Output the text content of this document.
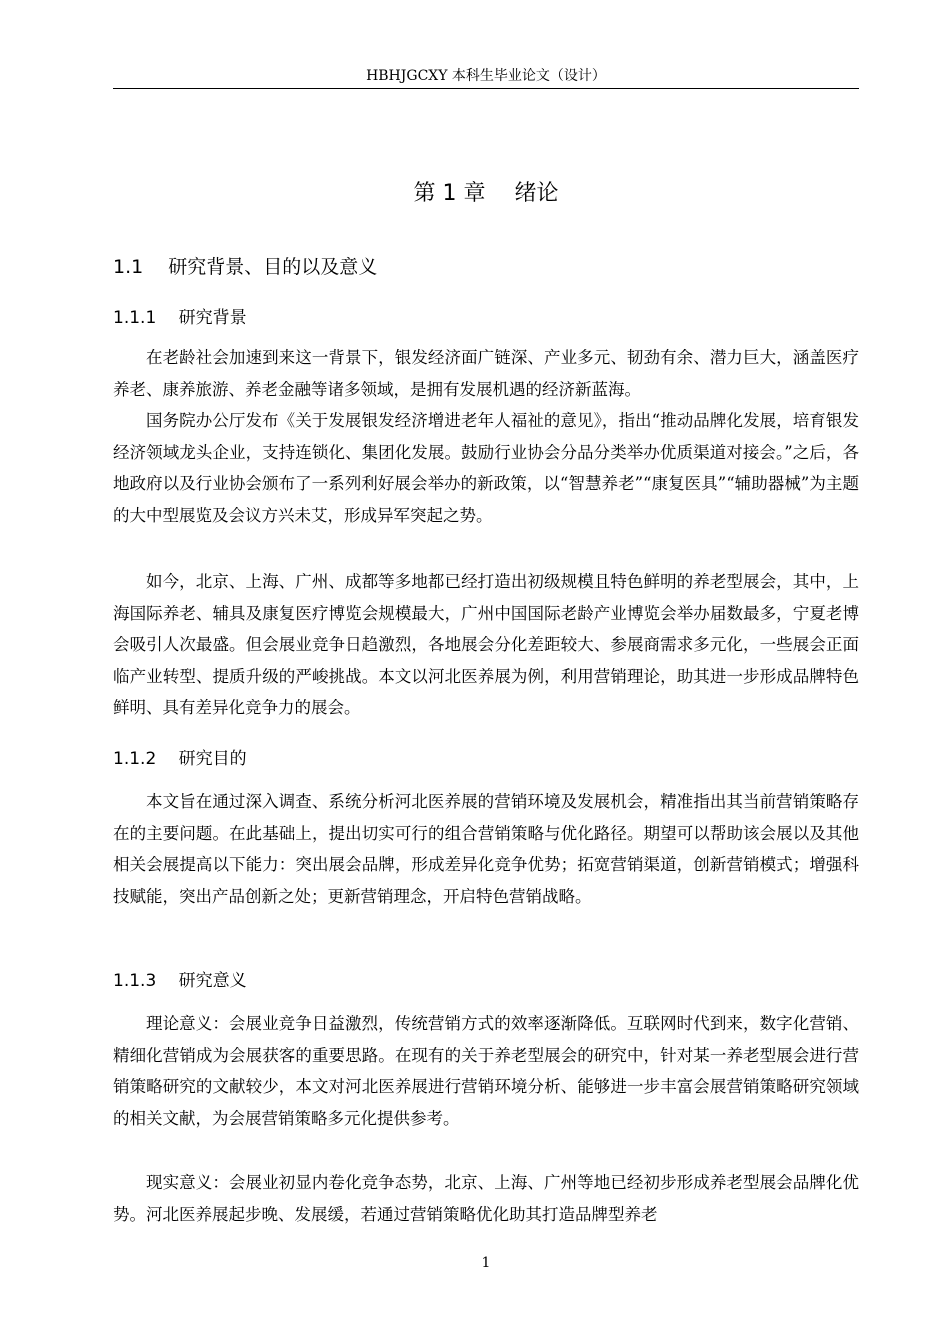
HBHJGCXY 本科生毕业论文（设计）
第 1 章　 绪论
1.1　 研究背景、目的以及意义
1.1.1　 研究背景

在老龄社会加速到来这一背景下，银发经济面广链深、产业多元、韧劲有余、潜力巨大，涵盖医疗养老、康养旅游、养老金融等诸多领域，是拥有发展机遇的经济新蓝海。

国务院办公厅发布《关于发展银发经济增进老年人福祉的意见》，指出“推动品牌化发展，培育银发经济领域龙头企业，支持连锁化、集团化发展。鼓励行业协会分品分类举办优质渠道对接会。”之后，各地政府以及行业协会颁布了一系列利好展会举办的新政策，以“智慧养老”“康复医具”“辅助器械”为主题的大中型展览及会议方兴未艾，形成异军突起之势。

如今，北京、上海、广州、成都等多地都已经打造出初级规模且特色鲜明的养老型展会，其中，上海国际养老、辅具及康复医疗博览会规模最大，广州中国国际老龄产业博览会举办届数最多，宁夏老博会吸引人次最盛。但会展业竞争日趋激烈，各地展会分化差距较大、参展商需求多元化，一些展会正面临产业转型、提质升级的严峻挑战。本文以河北医养展为例，利用营销理论，助其进一步形成品牌特色鲜明、具有差异化竞争力的展会。

1.1.2　 研究目的

本文旨在通过深入调查、系统分析河北医养展的营销环境及发展机会，精准指出其当前营销策略存在的主要问题。在此基础上，提出切实可行的组合营销策略与优化路径。期望可以帮助该会展以及其他相关会展提高以下能力：突出展会品牌，形成差异化竞争优势；拓宽营销渠道，创新营销模式；增强科技赋能，突出产品创新之处；更新营销理念，开启特色营销战略。

1.1.3　 研究意义

理论意义：会展业竞争日益激烈，传统营销方式的效率逐渐降低。互联网时代到来，数字化营销、精细化营销成为会展获客的重要思路。在现有的关于养老型展会的研究中，针对某一养老型展会进行营销策略研究的文献较少，本文对河北医养展进行营销环境分析、能够进一步丰富会展营销策略研究领域的相关文献，为会展营销策略多元化提供参考。

现实意义：会展业初显内卷化竞争态势，北京、上海、广州等地已经初步形成养老型展会品牌化优势。河北医养展起步晚、发展缓，若通过营销策略优化助其打造品牌型养老

1
